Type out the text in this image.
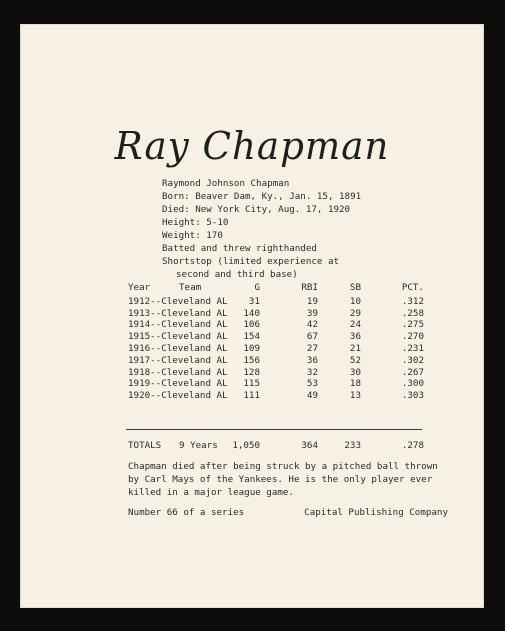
Ray Chapman
Raymond Johnson Chapman
Born: Beaver Dam, Ky., Jan. 15, 1891
Died: New York City, Aug. 17, 1920
Height: 5-10
Weight: 170
Batted and threw righthanded
Shortstop (limited experience at
second and third base)
Year	Team	G	RBI	SB	PCT.
1912--Cleveland AL 31	19	10	.312
1913--Cleveland AL 140	39	29	.258
1914--Cleveland AL 106	42	24	.275
1915--Cleveland AL 154	67	36	.270
1916--Cleveland AL 109	27	21	.231
1917--Cleveland AL 156	36	52	.302
1918--Cleveland AL 128	32	30	.267
1919--Cleveland AL 115	53	18	.300
1920--Cleveland AL 111	49	13	.303
TOTALS 9 Years 1,050	364	233	.278
Chapman died after being struck by a pitched ball thrown by Carl Mays of the Yankees. He is the only player ever killed in a major league game.
Number 66 of a series	Capital Publishing Company
